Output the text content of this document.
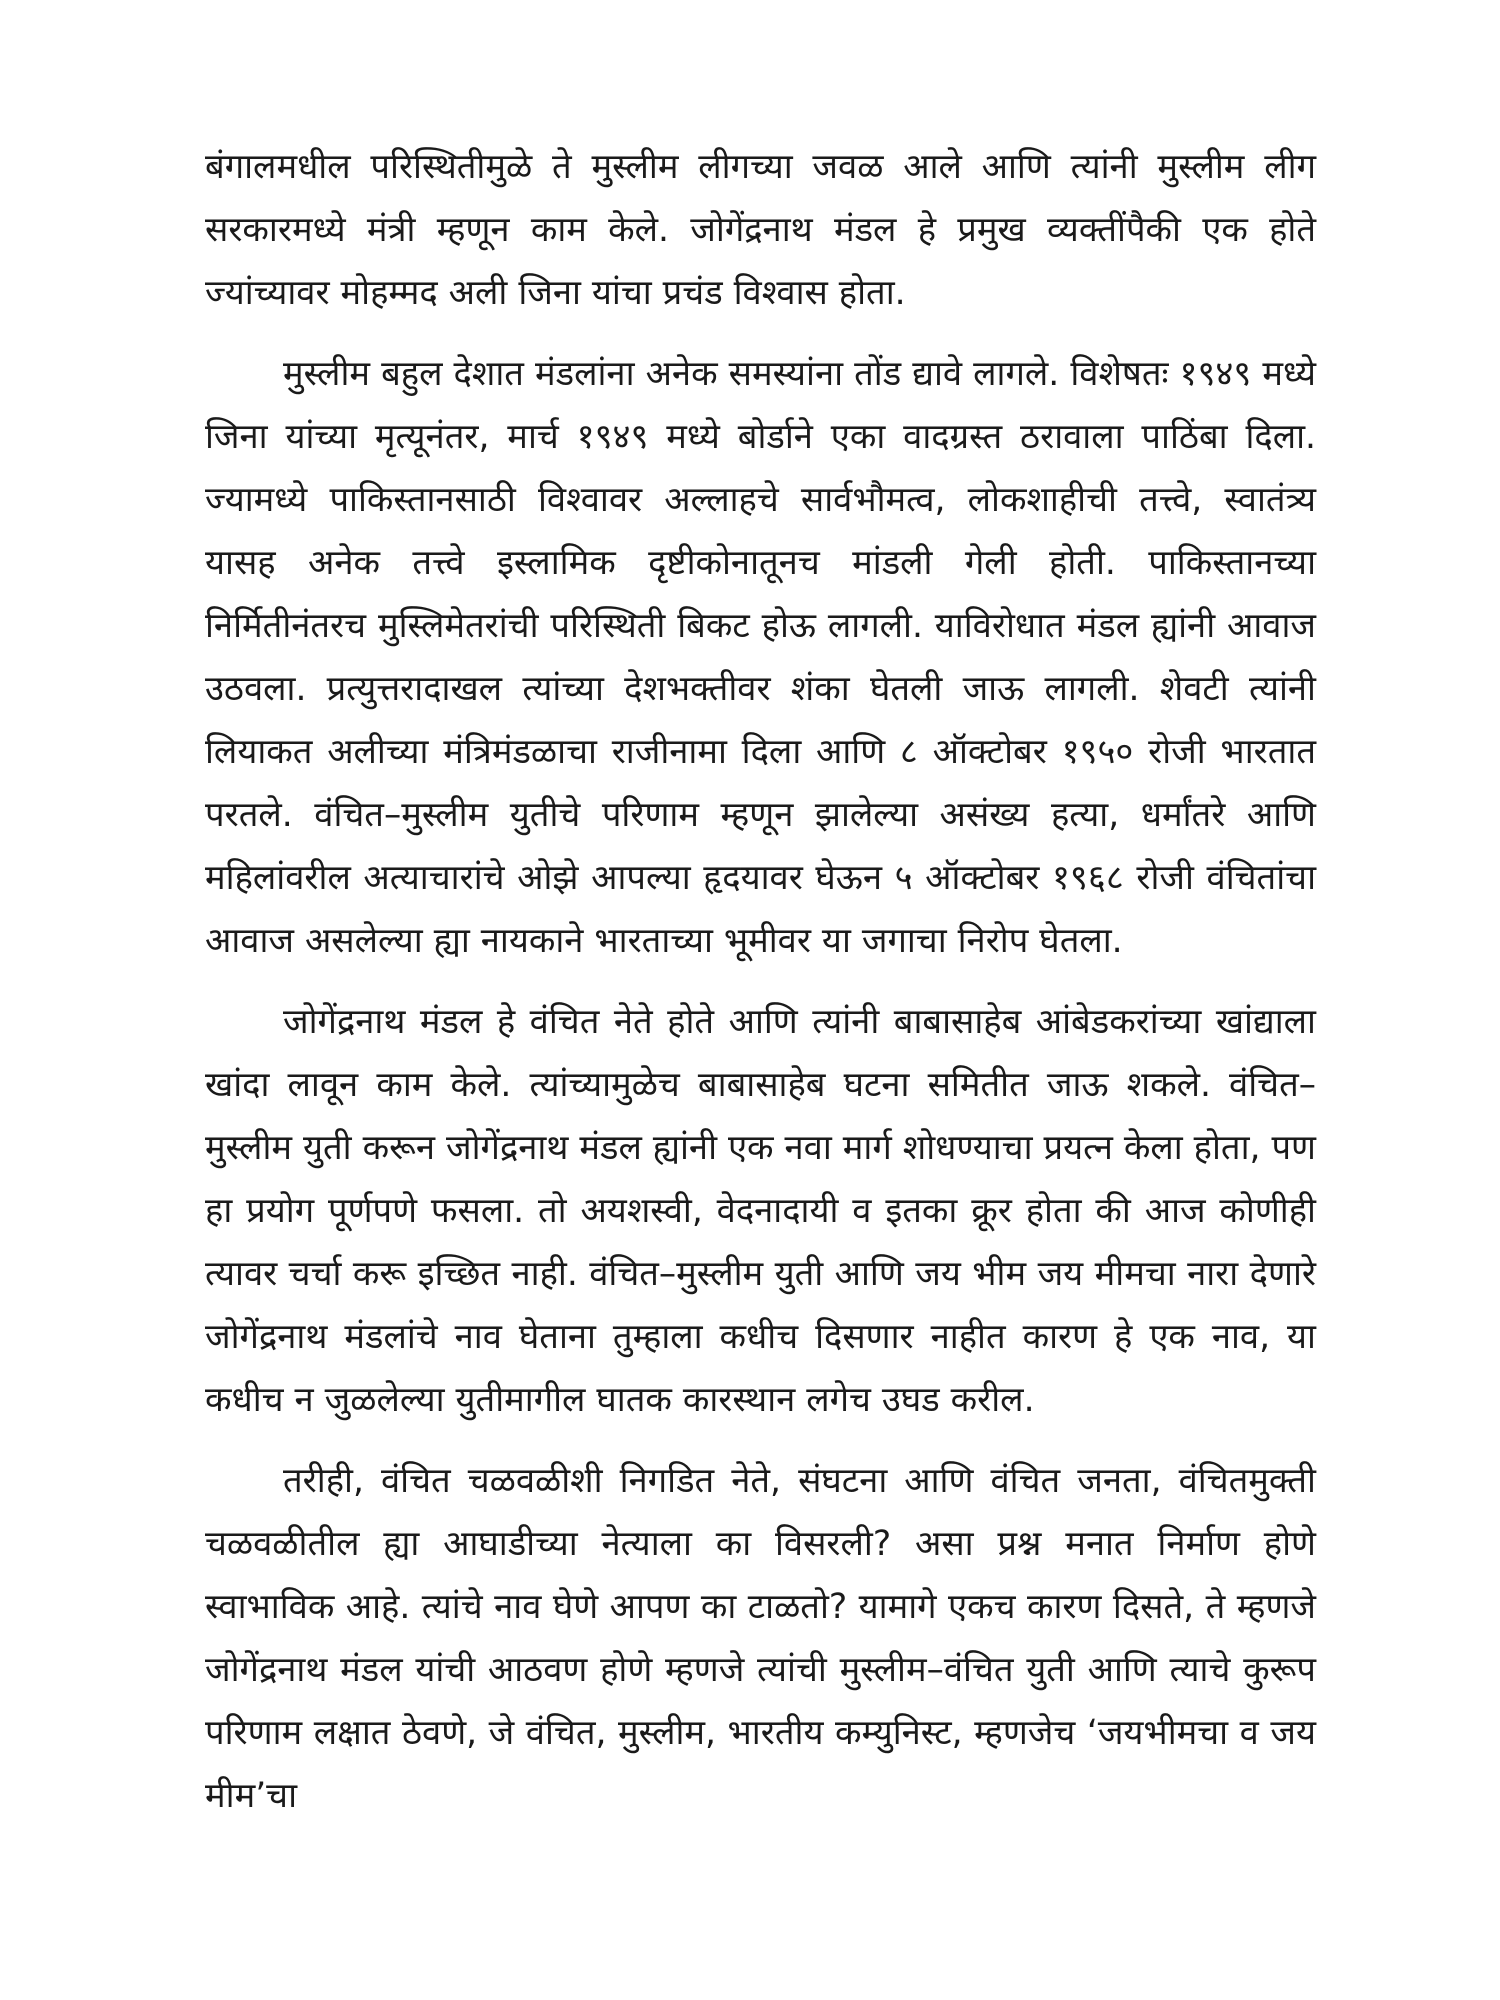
बंगालमधील परिस्थितीमुळे ते मुस्लीम लीगच्या जवळ आले आणि त्यांनी मुस्लीम लीग सरकारमध्ये मंत्री म्हणून काम केले. जोगेंद्रनाथ मंडल हे प्रमुख व्यक्तींपैकी एक होते ज्यांच्यावर मोहम्मद अली जिना यांचा प्रचंड विश्वास होता.

मुस्लीम बहुल देशात मंडलांना अनेक समस्यांना तोंड द्यावे लागले. विशेषतः १९४९ मध्ये जिना यांच्या मृत्यूनंतर, मार्च १९४९ मध्ये बोर्डाने एका वादग्रस्त ठरावाला पाठिंबा दिला. ज्यामध्ये पाकिस्तानसाठी विश्वावर अल्लाहचे सार्वभौमत्व, लोकशाहीची तत्त्वे, स्वातंत्र्य यासह अनेक तत्त्वे इस्लामिक दृष्टीकोनातूनच मांडली गेली होती. पाकिस्तानच्या निर्मितीनंतरच मुस्लिमेतरांची परिस्थिती बिकट होऊ लागली. याविरोधात मंडल ह्यांनी आवाज उठवला. प्रत्युत्तरादाखल त्यांच्या देशभक्तीवर शंका घेतली जाऊ लागली. शेवटी त्यांनी लियाकत अलीच्या मंत्रिमंडळाचा राजीनामा दिला आणि ८ ऑक्टोबर १९५० रोजी भारतात परतले. वंचित–मुस्लीम युतीचे परिणाम म्हणून झालेल्या असंख्य हत्या, धर्मांतरे आणि महिलांवरील अत्याचारांचे ओझे आपल्या हृदयावर घेऊन ५ ऑक्टोबर १९६८ रोजी वंचितांचा आवाज असलेल्या ह्या नायकाने भारताच्या भूमीवर या जगाचा निरोप घेतला.

जोगेंद्रनाथ मंडल हे वंचित नेते होते आणि त्यांनी बाबासाहेब आंबेडकरांच्या खांद्याला खांदा लावून काम केले. त्यांच्यामुळेच बाबासाहेब घटना समितीत जाऊ शकले. वंचित–मुस्लीम युती करून जोगेंद्रनाथ मंडल ह्यांनी एक नवा मार्ग शोधण्याचा प्रयत्न केला होता, पण हा प्रयोग पूर्णपणे फसला. तो अयशस्वी, वेदनादायी व इतका क्रूर होता की आज कोणीही त्यावर चर्चा करू इच्छित नाही. वंचित–मुस्लीम युती आणि जय भीम जय मीमचा नारा देणारे जोगेंद्रनाथ मंडलांचे नाव घेताना तुम्हाला कधीच दिसणार नाहीत कारण हे एक नाव, या कधीच न जुळलेल्या युतीमागील घातक कारस्थान लगेच उघड करील.

तरीही, वंचित चळवळीशी निगडित नेते, संघटना आणि वंचित जनता, वंचितमुक्ती चळवळीतील ह्या आघाडीच्या नेत्याला का विसरली? असा प्रश्न मनात निर्माण होणे स्वाभाविक आहे. त्यांचे नाव घेणे आपण का टाळतो? यामागे एकच कारण दिसते, ते म्हणजे जोगेंद्रनाथ मंडल यांची आठवण होणे म्हणजे त्यांची मुस्लीम–वंचित युती आणि त्याचे कुरूप परिणाम लक्षात ठेवणे, जे वंचित, मुस्लीम, भारतीय कम्युनिस्ट, म्हणजेच ‘जयभीमचा व जय मीम’चा
